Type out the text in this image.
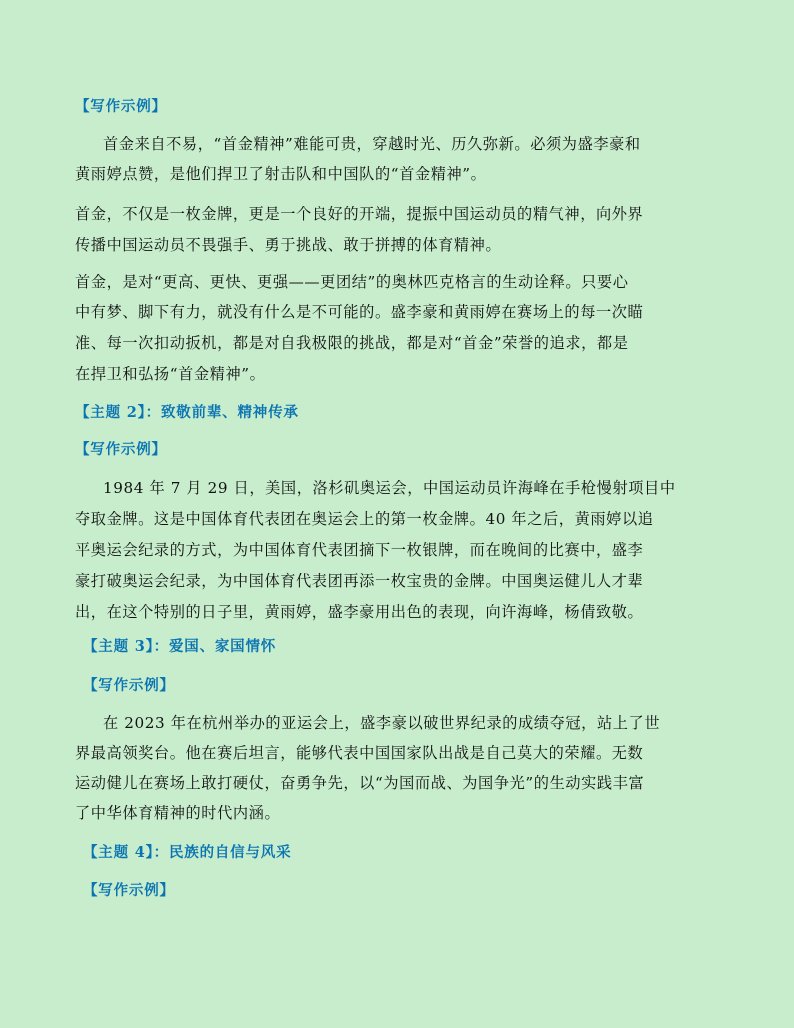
【写作示例】
首金来自不易，“首金精神”难能可贵，穿越时光、历久弥新。必须为盛李豪和
黄雨婷点赞，是他们捍卫了射击队和中国队的“首金精神”。
首金，不仅是一枚金牌，更是一个良好的开端，提振中国运动员的精气神，向外界
传播中国运动员不畏强手、勇于挑战、敢于拼搏的体育精神。
首金，是对“更高、更快、更强——更团结”的奥林匹克格言的生动诠释。只要心
中有梦、脚下有力，就没有什么是不可能的。盛李豪和黄雨婷在赛场上的每一次瞄
准、每一次扣动扳机，都是对自我极限的挑战，都是对“首金”荣誉的追求，都是
在捍卫和弘扬“首金精神”。
【主题 2】：致敬前辈、精神传承
【写作示例】
1984 年 7 月 29 日，美国，洛杉矶奥运会，中国运动员许海峰在手枪慢射项目中
夺取金牌。这是中国体育代表团在奥运会上的第一枚金牌。40 年之后，黄雨婷以追
平奥运会纪录的方式，为中国体育代表团摘下一枚银牌，而在晚间的比赛中，盛李
豪打破奥运会纪录，为中国体育代表团再添一枚宝贵的金牌。中国奥运健儿人才辈
出，在这个特别的日子里，黄雨婷，盛李豪用出色的表现，向许海峰，杨倩致敬。
【主题 3】：爱国、家国情怀
【写作示例】
在 2023 年在杭州举办的亚运会上，盛李豪以破世界纪录的成绩夺冠，站上了世
界最高领奖台。他在赛后坦言，能够代表中国国家队出战是自己莫大的荣耀。无数
运动健儿在赛场上敢打硬仗，奋勇争先，以“为国而战、为国争光”的生动实践丰富
了中华体育精神的时代内涵。
【主题 4】：民族的自信与风采
【写作示例】
